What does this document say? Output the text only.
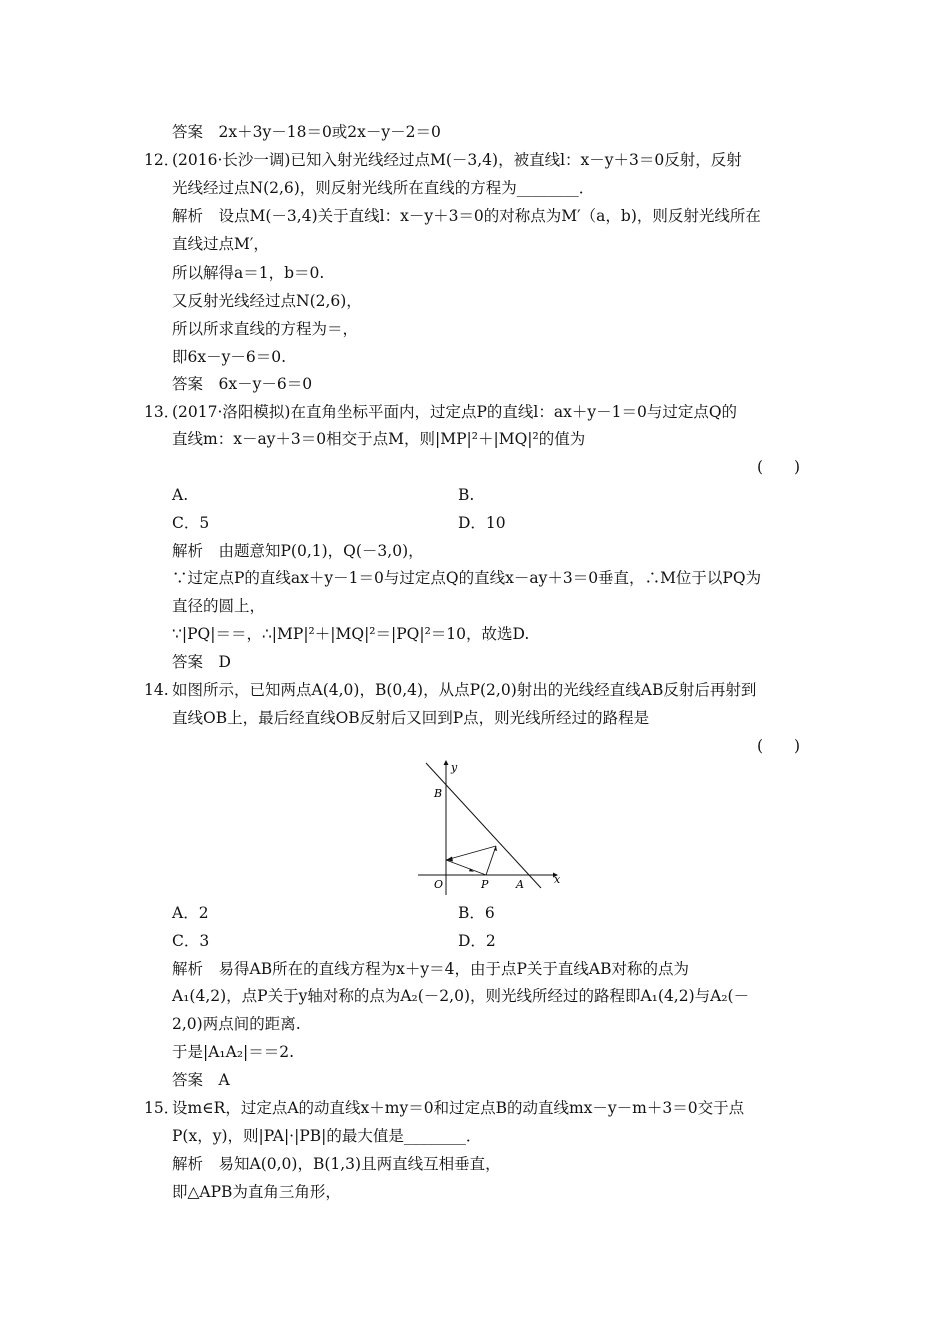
答案　2x＋3y－18＝0或2x－y－2＝0
12．
(2016·长沙一调)已知入射光线经过点M(－3,4)，被直线l：x－y＋3＝0反射，反射
光线经过点N(2,6)，则反射光线所在直线的方程为________．
解析　设点M(－3,4)关于直线l：x－y＋3＝0的对称点为M′（a，b)，则反射光线所在
直线过点M′，
所以解得a＝1，b＝0.
又反射光线经过点N(2,6)，
所以所求直线的方程为＝，
即6x－y－6＝0.
答案　6x－y－6＝0
13．
(2017·洛阳模拟)在直角坐标平面内，过定点P的直线l：ax＋y－1＝0与过定点Q的
直线m：x－ay＋3＝0相交于点M，则|MP|²＋|MQ|²的值为
(　　)
A.	B.
C．5	D．10
解析　由题意知P(0,1)，Q(－3,0)，
∵过定点P的直线ax＋y－1＝0与过定点Q的直线x－ay＋3＝0垂直，∴M位于以PQ为
直径的圆上，
∵|PQ|＝＝，∴|MP|²＋|MQ|²＝|PQ|²＝10，故选D.
答案　D
14. 如图所示，已知两点A(4,0)，B(0,4)，从点P(2,0)射出的光线经直线AB反射后再射到
直线OB上，最后经直线OB反射后又回到P点，则光线所经过的路程是
(　　)
y
x
B
O	P	A
A．2	B．6
C．3	D．2
解析　易得AB所在的直线方程为x＋y＝4，由于点P关于直线AB对称的点为
A₁(4,2)，点P关于y轴对称的点为A₂(－2,0)，则光线所经过的路程即A₁(4,2)与A₂(－
2,0)两点间的距离.
于是|A₁A₂|＝＝2.
答案　A
15．
设m∈R，过定点A的动直线x＋my＝0和过定点B的动直线mx－y－m＋3＝0交于点
P(x，y)，则|PA|·|PB|的最大值是________．
解析　易知A(0,0)，B(1,3)且两直线互相垂直，
即△APB为直角三角形，
